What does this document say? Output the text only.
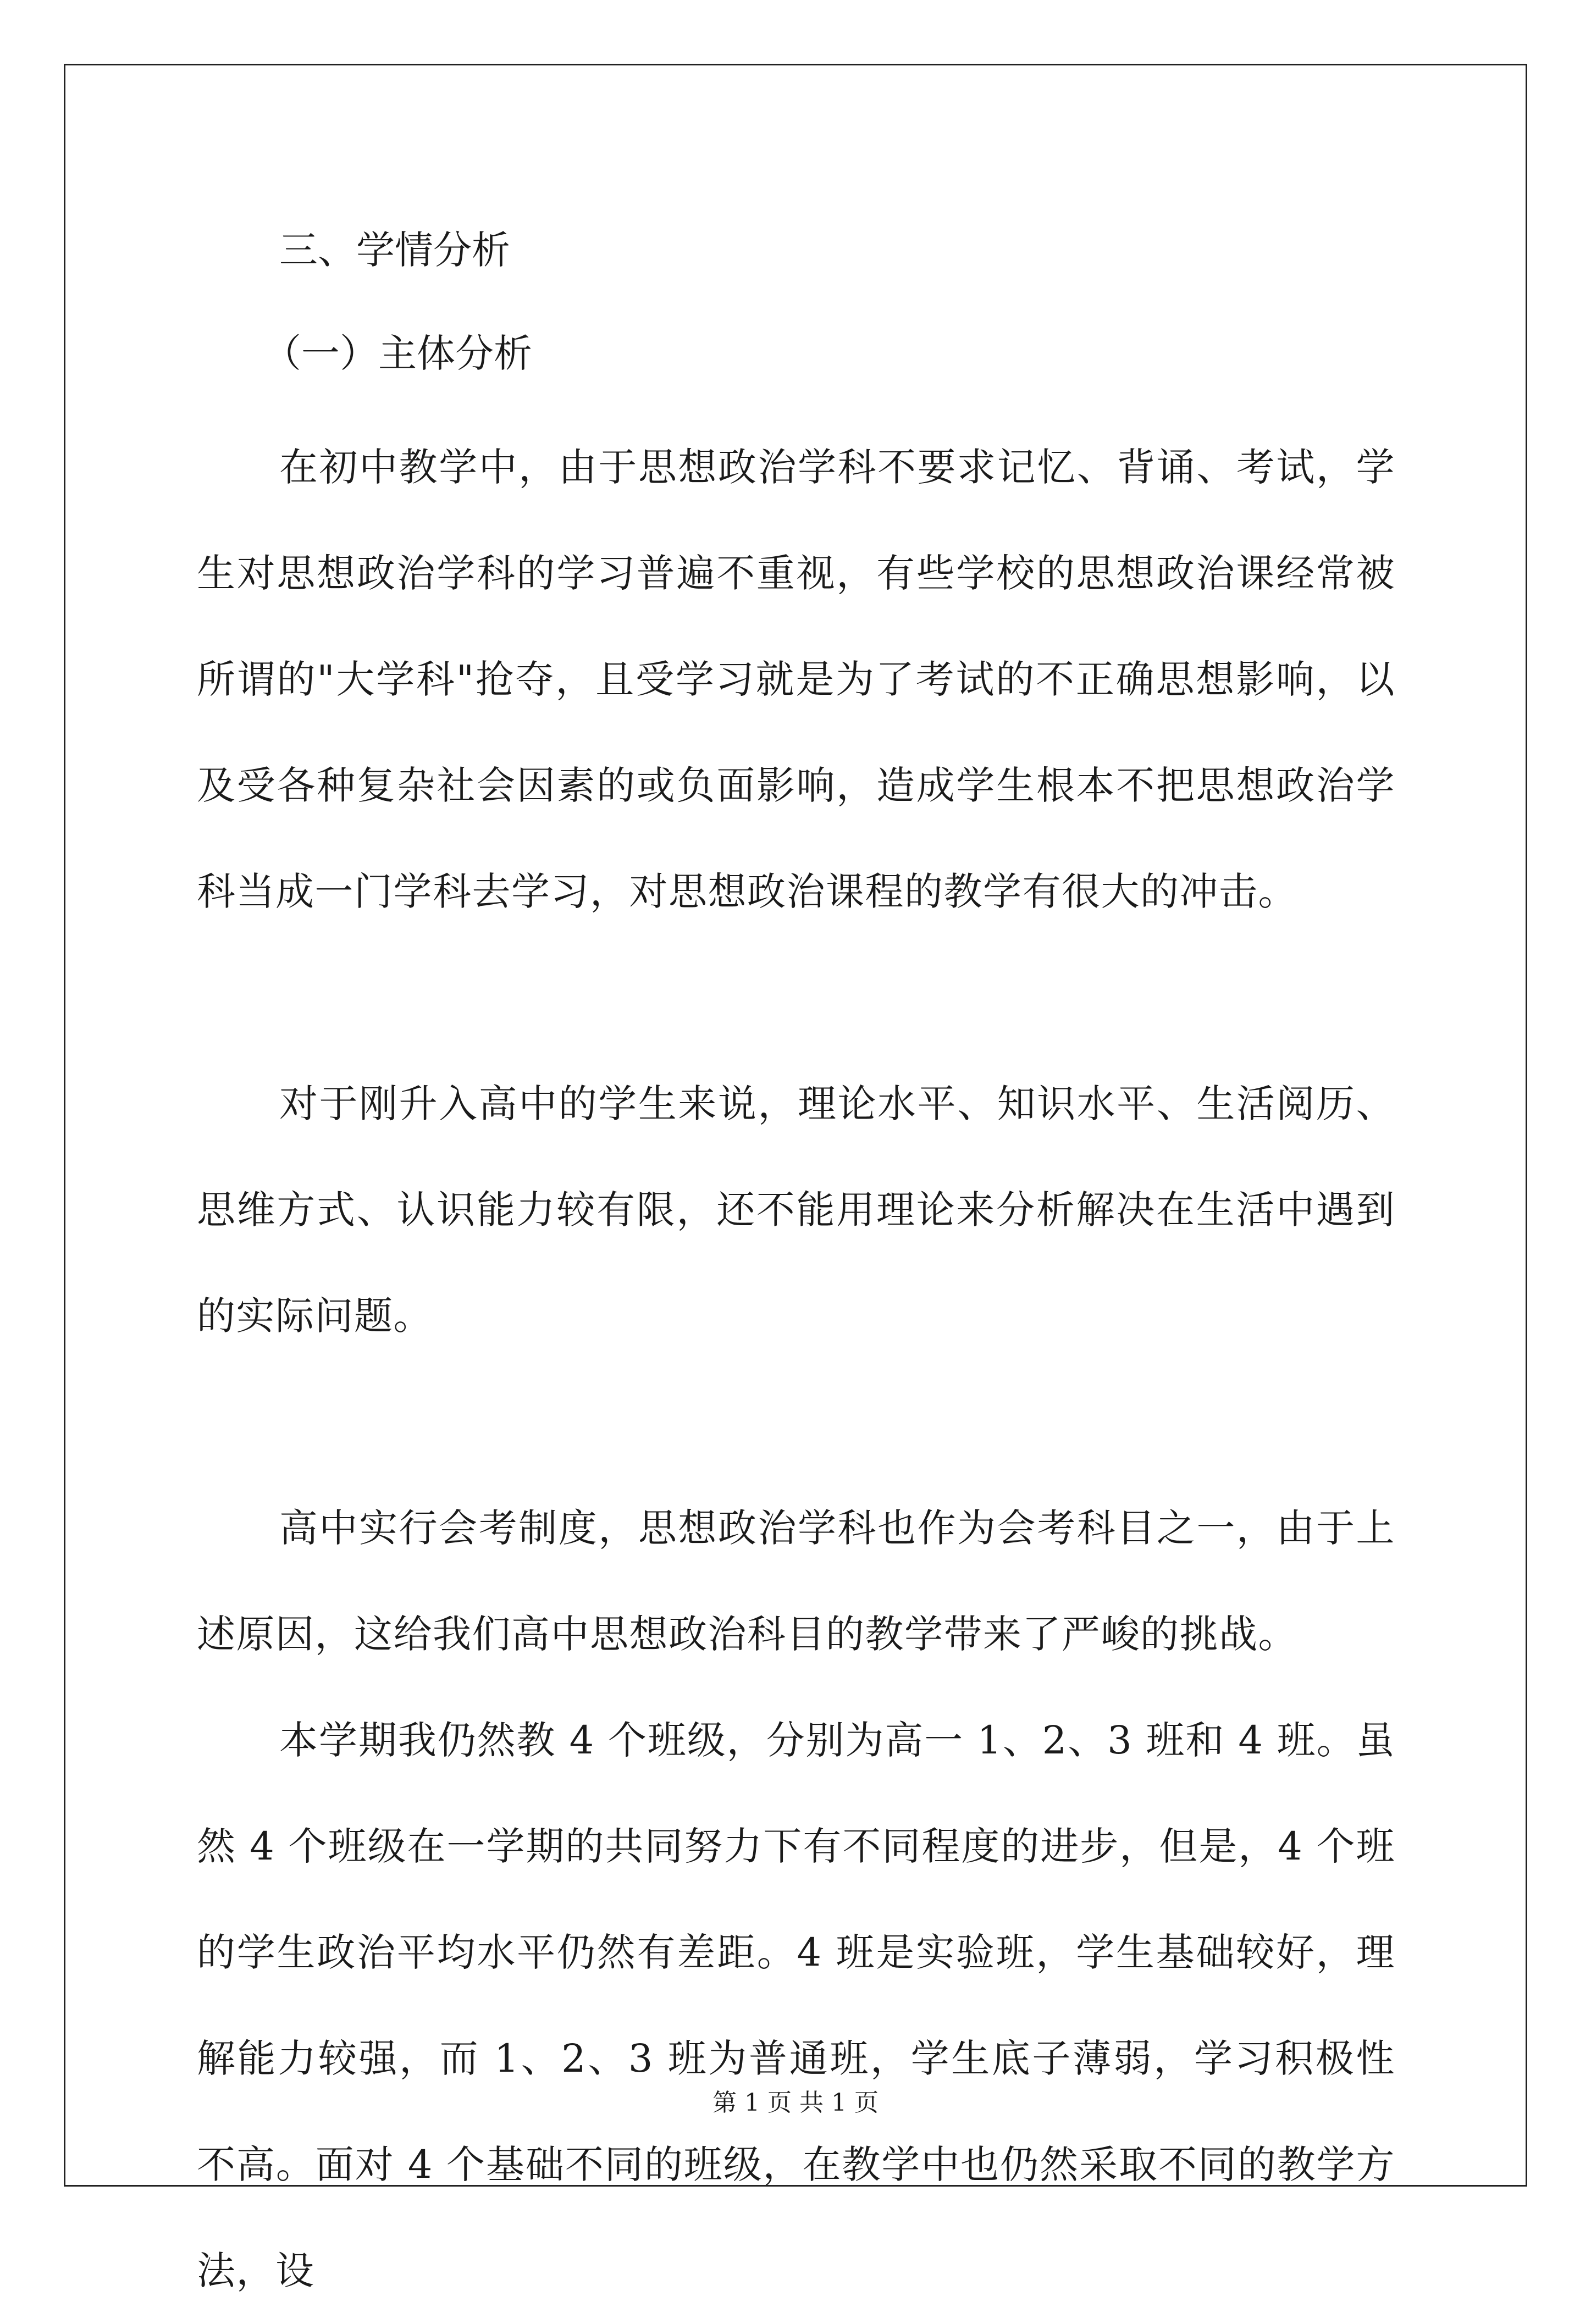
三、学情分析

（一）主体分析

在初中教学中，由于思想政治学科不要求记忆、背诵、考试，学生对思想政治学科的学习普遍不重视，有些学校的思想政治课经常被所谓的"大学科"抢夺，且受学习就是为了考试的不正确思想影响，以及受各种复杂社会因素的或负面影响，造成学生根本不把思想政治学科当成一门学科去学习，对思想政治课程的教学有很大的冲击。

对于刚升入高中的学生来说，理论水平、知识水平、生活阅历、思维方式、认识能力较有限，还不能用理论来分析解决在生活中遇到的实际问题。

高中实行会考制度，思想政治学科也作为会考科目之一，由于上述原因，这给我们高中思想政治科目的教学带来了严峻的挑战。

本学期我仍然教 4 个班级，分别为高一 1、2、3 班和 4 班。虽然 4 个班级在一学期的共同努力下有不同程度的进步，但是，4 个班的学生政治平均水平仍然有差距。4 班是实验班，学生基础较好，理解能力较强，而 1、2、3 班为普通班，学生底子薄弱，学习积极性不高。面对 4 个基础不同的班级，在教学中也仍然采取不同的教学方法，设

第 1 页 共 1 页
